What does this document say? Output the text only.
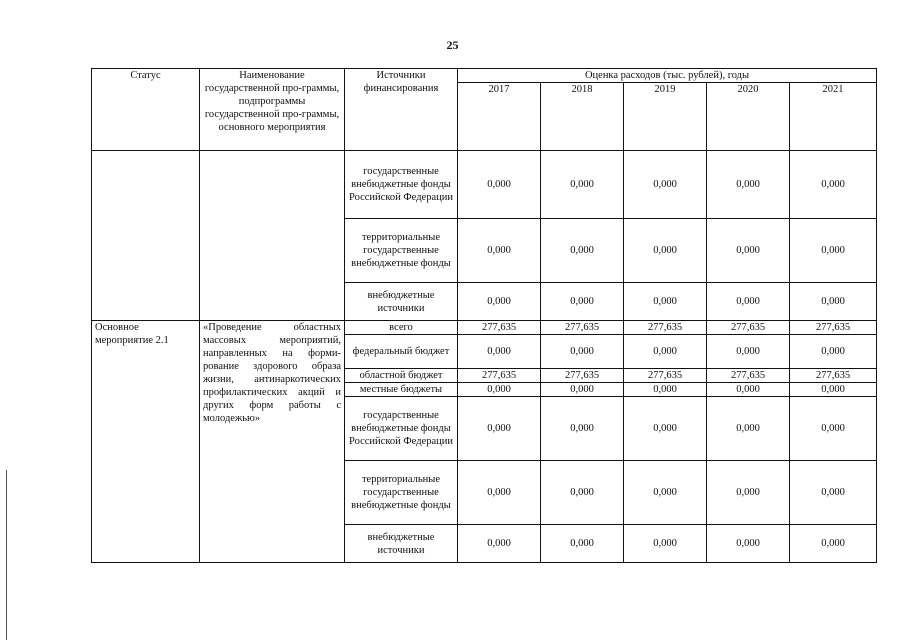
25
Статус	Наименование государственной про-граммы, подпрограммы государственной про-граммы, основного мероприятия	Источники финансирования	Оценка расходов (тыс. рублей), годы				
			2017	2018	2019	2020	2021
		государственные внебюджетные фонды Российской Федерации	0,000	0,000	0,000	0,000	0,000
		территориальные государственные внебюджетные фонды	0,000	0,000	0,000	0,000	0,000
		внебюджетные источники	0,000	0,000	0,000	0,000	0,000
Основное мероприятие 2.1	«Проведение областных массовых мероприятий, направленных на форми-рование здорового образа жизни, антинаркотических профилактических акций и других форм работы с молодежью»	всего	277,635	277,635	277,635	277,635	277,635
		федеральный бюджет	0,000	0,000	0,000	0,000	0,000
		областной бюджет	277,635	277,635	277,635	277,635	277,635
		местные бюджеты	0,000	0,000	0,000	0,000	0,000
		государственные внебюджетные фонды Российской Федерации	0,000	0,000	0,000	0,000	0,000
		территориальные государственные внебюджетные фонды	0,000	0,000	0,000	0,000	0,000
		внебюджетные источники	0,000	0,000	0,000	0,000	0,000
